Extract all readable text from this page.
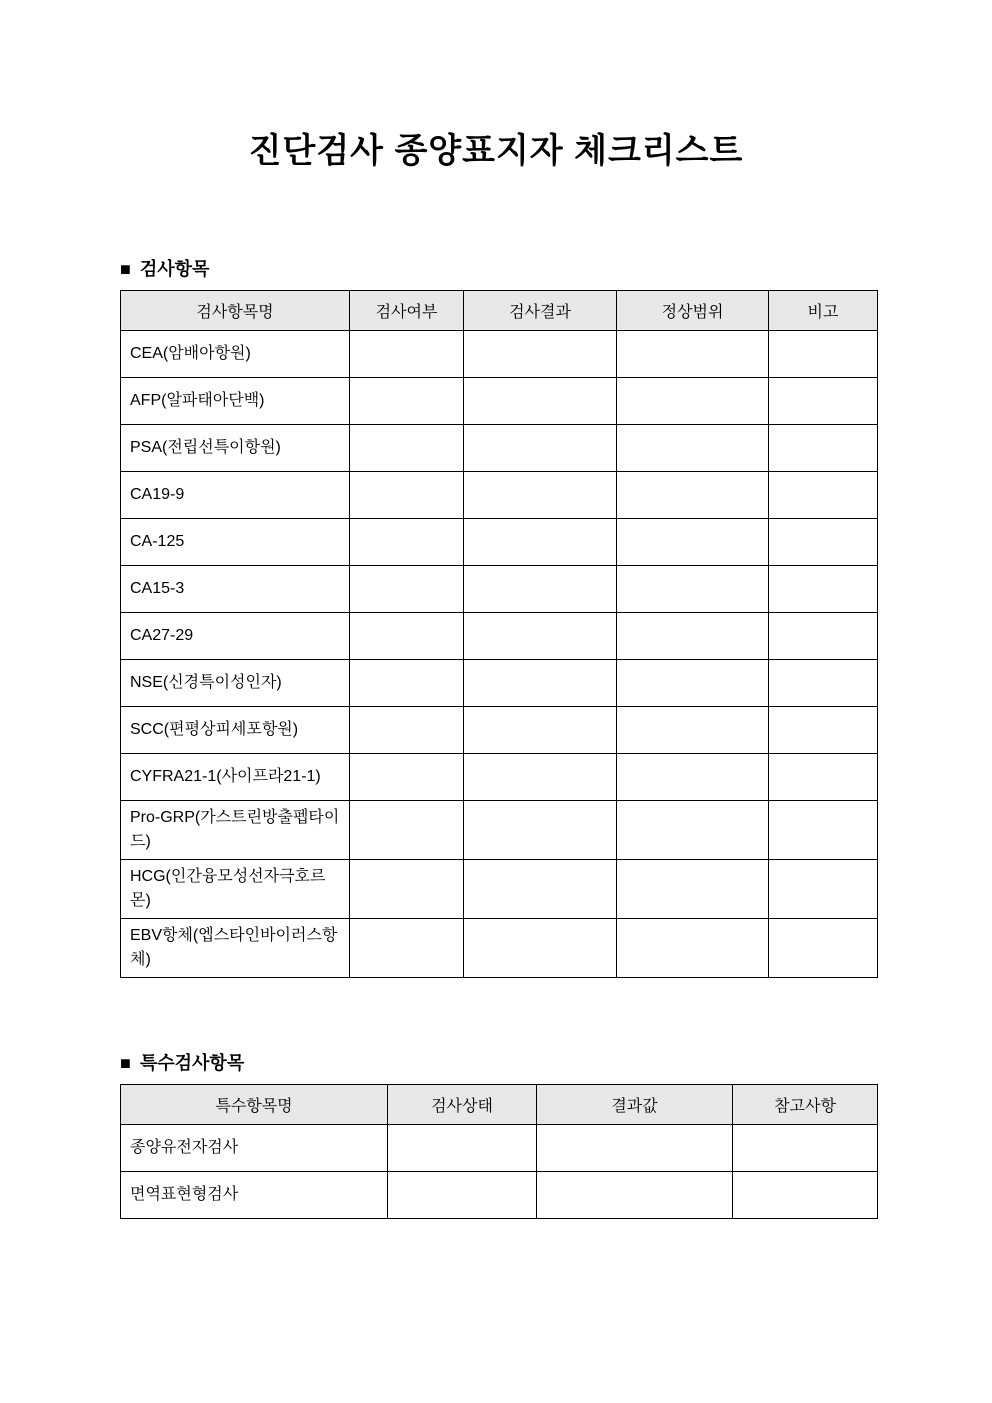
진단검사 종양표지자 체크리스트
■ 검사항목
검사항목명	검사여부	검사결과	정상범위	비고
CEA(암배아항원)				
AFP(알파태아단백)				
PSA(전립선특이항원)				
CA19-9				
CA-125				
CA15-3				
CA27-29				
NSE(신경특이성인자)				
SCC(편평상피세포항원)				
CYFRA21-1(사이프라21-1)				
Pro-GRP(가스트린방출펩타이드)				
HCG(인간융모성선자극호르몬)				
EBV항체(엡스타인바이러스항체)				
■ 특수검사항목
특수항목명	검사상태	결과값	참고사항
종양유전자검사			
면역표현형검사			
